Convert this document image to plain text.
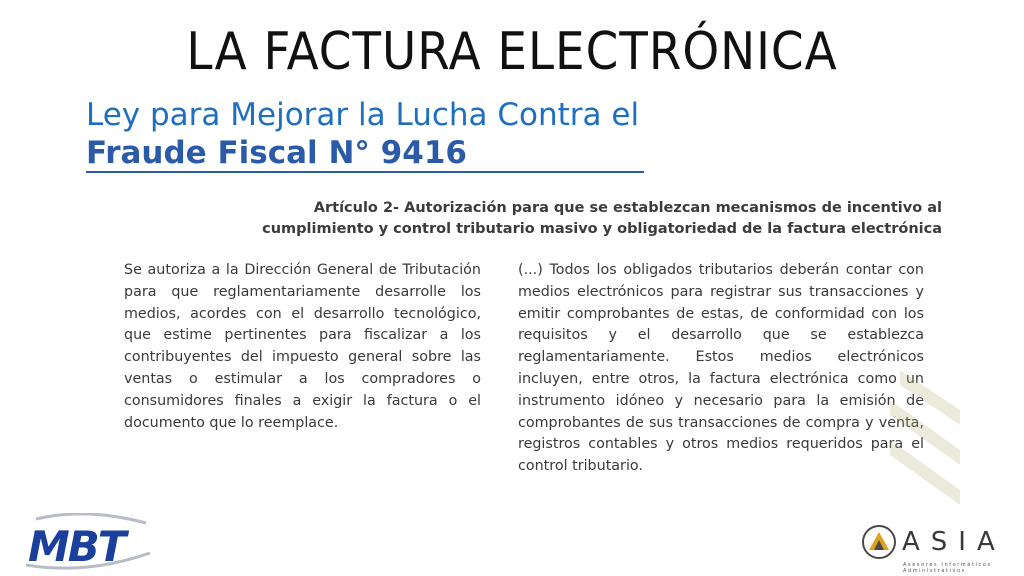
LA FACTURA ELECTRÓNICA
Ley para Mejorar la Lucha Contra el
Fraude Fiscal N° 9416
Artículo 2- Autorización para que se establezcan mecanismos de incentivo al
cumplimiento y control tributario masivo y obligatoriedad de la factura electrónica
Se autoriza a la Dirección General de Tributación para que reglamentariamente desarrolle los medios, acordes con el desarrollo tecnológico, que estime pertinentes para fiscalizar a los contribuyentes del impuesto general sobre las ventas o estimular a los compradores o consumidores finales a exigir la factura o el documento que lo reemplace.
(...) Todos los obligados tributarios deberán contar con medios electrónicos para registrar sus transacciones y emitir comprobantes de estas, de conformidad con los requisitos y el desarrollo que se establezca reglamentariamente. Estos medios electrónicos incluyen, entre otros, la factura electrónica como un instrumento idóneo y necesario para la emisión de comprobantes de sus transacciones de compra y venta, registros contables y otros medios requeridos para el control tributario.
MBT	ASIA
Asesores Informáticos Administrativos
